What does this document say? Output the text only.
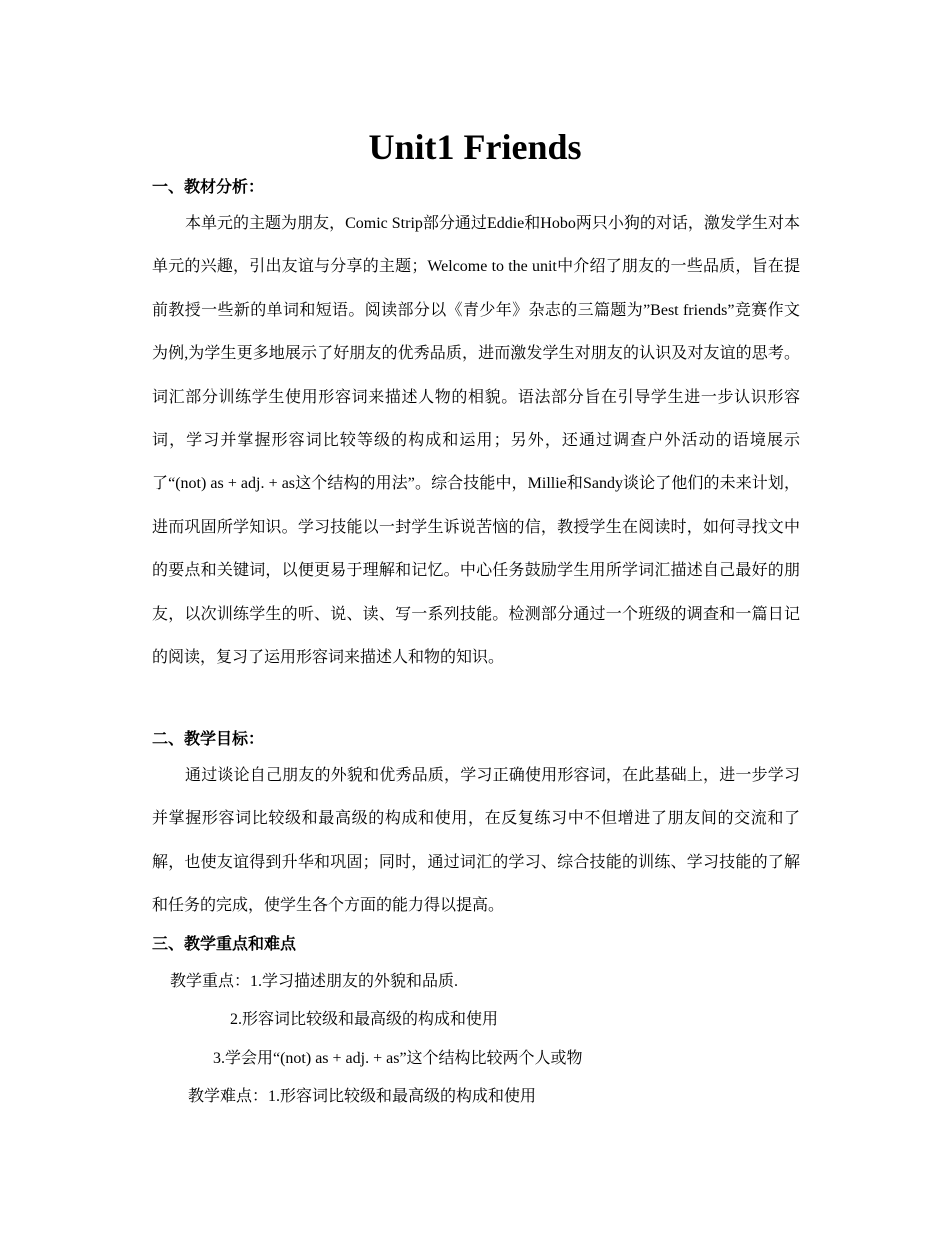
Unit1 Friends
一、教材分析：

本单元的主题为朋友，Comic Strip部分通过Eddie和Hobo两只小狗的对话，激发学生对本单元的兴趣，引出友谊与分享的主题；Welcome to the unit中介绍了朋友的一些品质，旨在提前教授一些新的单词和短语。阅读部分以《青少年》杂志的三篇题为”Best friends”竞赛作文为例,为学生更多地展示了好朋友的优秀品质，进而激发学生对朋友的认识及对友谊的思考。词汇部分训练学生使用形容词来描述人物的相貌。语法部分旨在引导学生进一步认识形容词，学习并掌握形容词比较等级的构成和运用；另外，还通过调查户外活动的语境展示了“(not) as + adj. + as这个结构的用法”。综合技能中，Millie和Sandy谈论了他们的未来计划，进而巩固所学知识。学习技能以一封学生诉说苦恼的信，教授学生在阅读时，如何寻找文中的要点和关键词，以便更易于理解和记忆。中心任务鼓励学生用所学词汇描述自己最好的朋友，以次训练学生的听、说、读、写一系列技能。检测部分通过一个班级的调查和一篇日记的阅读，复习了运用形容词来描述人和物的知识。

二、教学目标：

通过谈论自己朋友的外貌和优秀品质，学习正确使用形容词，在此基础上，进一步学习并掌握形容词比较级和最高级的构成和使用，在反复练习中不但增进了朋友间的交流和了解，也使友谊得到升华和巩固；同时，通过词汇的学习、综合技能的训练、学习技能的了解和任务的完成，使学生各个方面的能力得以提高。

三、教学重点和难点
教学重点：1.学习描述朋友的外貌和品质.
2.形容词比较级和最高级的构成和使用
3.学会用“(not) as + adj. + as”这个结构比较两个人或物
教学难点：1.形容词比较级和最高级的构成和使用
